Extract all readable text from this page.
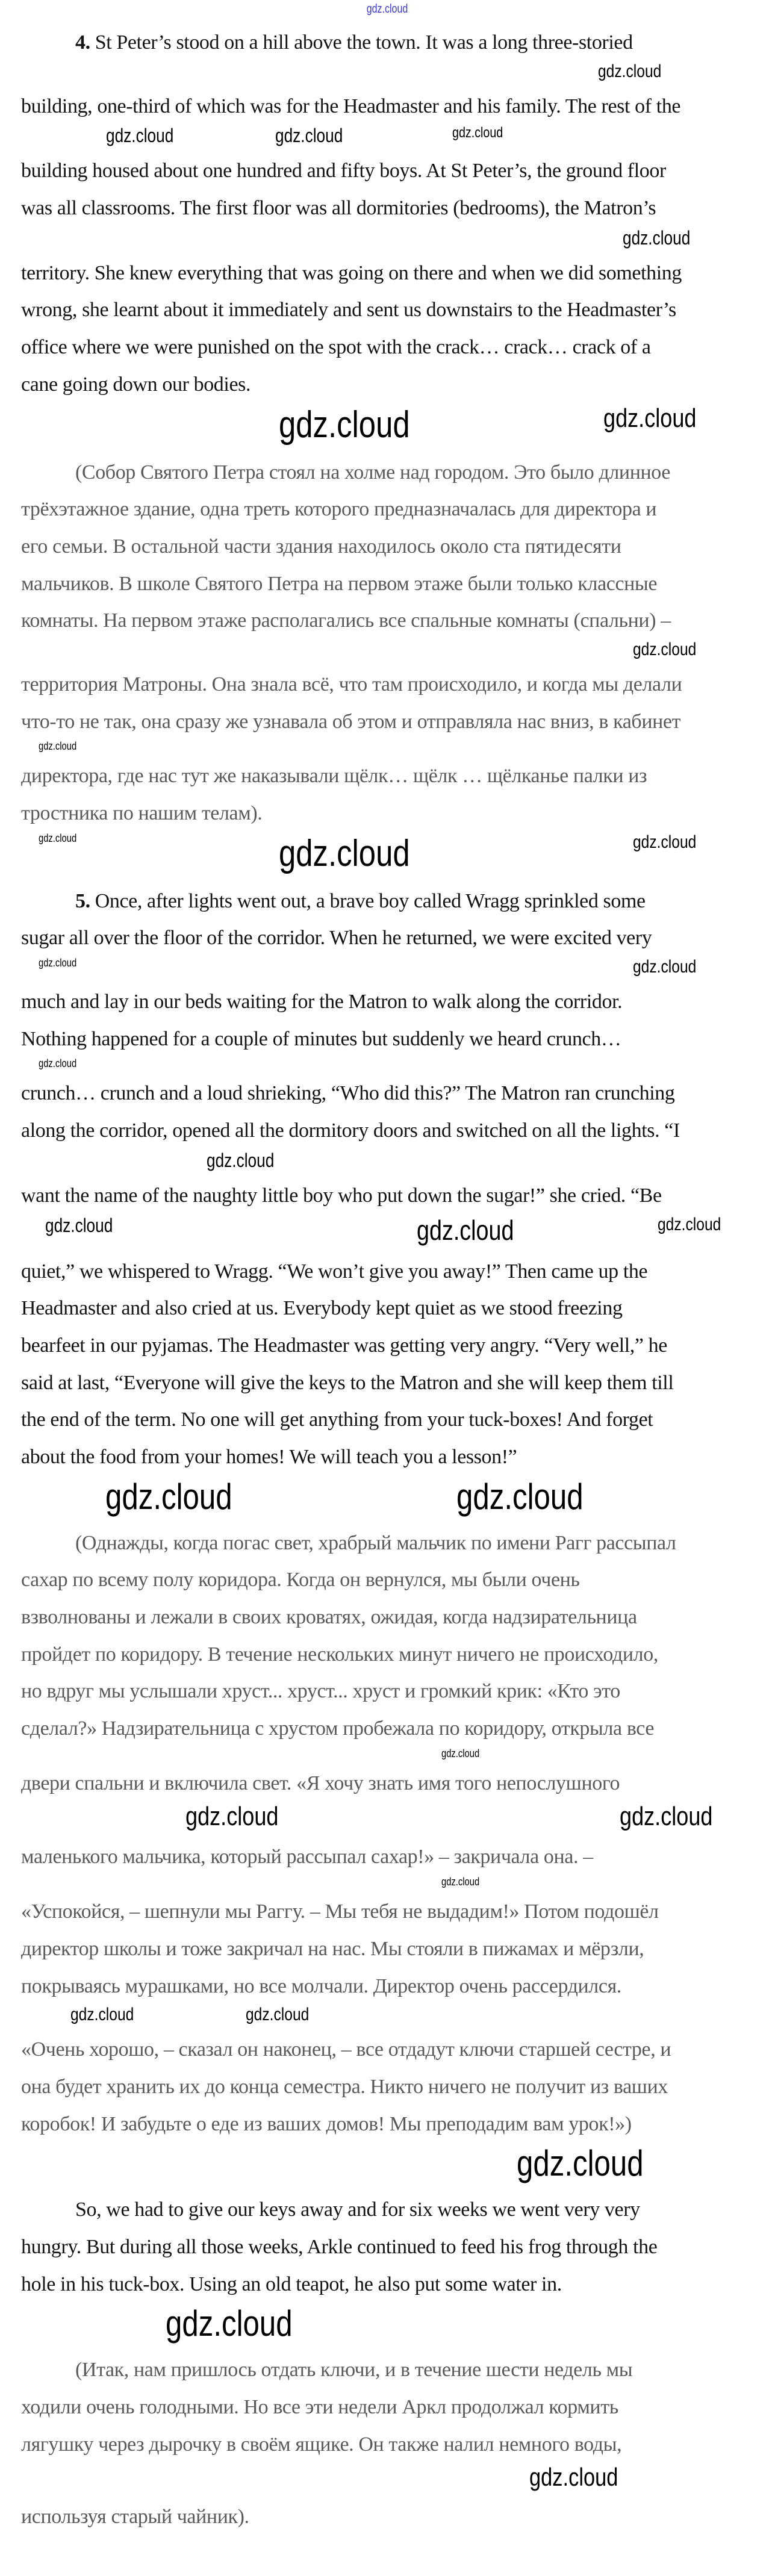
gdz.cloud
4. St Peter’s stood on a hill above the town. It was a long three-storied
gdz.cloud
building, one-third of which was for the Headmaster and his family. The rest of the
gdz.cloud	gdz.cloud	gdz.cloud
building housed about one hundred and fifty boys. At St Peter’s, the ground floor
was all classrooms. The first floor was all dormitories (bedrooms), the Matron’s
gdz.cloud
territory. She knew everything that was going on there and when we did something
wrong, she learnt about it immediately and sent us downstairs to the Headmaster’s
office where we were punished on the spot with the crack… crack… crack of a
cane going down our bodies.
gdz.cloud	gdz.cloud
(Собор Святого Петра стоял на холме над городом. Это было длинное
трёхэтажное здание, одна треть которого предназначалась для директора и
его семьи. В остальной части здания находилось около ста пятидесяти
мальчиков. В школе Святого Петра на первом этаже были только классные
комнаты. На первом этаже располагались все спальные комнаты (спальни) –
gdz.cloud
территория Матроны. Она знала всё, что там происходило, и когда мы делали
что-то не так, она сразу же узнавала об этом и отправляла нас вниз, в кабинет
gdz.cloud
директора, где нас тут же наказывали щёлк… щёлк … щёлканье палки из
тростника по нашим телам).
gdz.cloud
gdz.cloud
gdz.cloud
5. Once, after lights went out, a brave boy called Wragg sprinkled some
sugar all over the floor of the corridor. When he returned, we were excited very
gdz.cloud	gdz.cloud
much and lay in our beds waiting for the Matron to walk along the corridor.
Nothing happened for a couple of minutes but suddenly we heard crunch…
gdz.cloud
crunch… crunch and a loud shrieking, “Who did this?” The Matron ran crunching
along the corridor, opened all the dormitory doors and switched on all the lights. “I
gdz.cloud
want the name of the naughty little boy who put down the sugar!” she cried. “Be
gdz.cloud	gdz.cloud	gdz.cloud
quiet,” we whispered to Wragg. “We won’t give you away!” Then came up the
Headmaster and also cried at us. Everybody kept quiet as we stood freezing
bearfeet in our pyjamas. The Headmaster was getting very angry. “Very well,” he
said at last, “Everyone will give the keys to the Matron and she will keep them till
the end of the term. No one will get anything from your tuck-boxes! And forget
about the food from your homes! We will teach you a lesson!”
gdz.cloud	gdz.cloud
(Однажды, когда погас свет, храбрый мальчик по имени Рагг рассыпал
сахар по всему полу коридора. Когда он вернулся, мы были очень
взволнованы и лежали в своих кроватях, ожидая, когда надзирательница
пройдет по коридору. В течение нескольких минут ничего не происходило,
но вдруг мы услышали хруст... хруст... хруст и громкий крик: «Кто это
сделал?» Надзирательница с хрустом пробежала по коридору, открыла все
gdz.cloud
двери спальни и включила свет. «Я хочу знать имя того непослушного
gdz.cloud	gdz.cloud
маленького мальчика, который рассыпал сахар!» – закричала она. –
gdz.cloud
«Успокойся, – шепнули мы Раггу. – Мы тебя не выдадим!» Потом подошёл
директор школы и тоже закричал на нас. Мы стояли в пижамах и мёрзли,
покрываясь мурашками, но все молчали. Директор очень рассердился.
gdz.cloud	gdz.cloud
«Очень хорошо, – сказал он наконец, – все отдадут ключи старшей сестре, и
она будет хранить их до конца семестра. Никто ничего не получит из ваших
коробок! И забудьте о еде из ваших домов! Мы преподадим вам урок!»)
gdz.cloud
So, we had to give our keys away and for six weeks we went very very
hungry. But during all those weeks, Arkle continued to feed his frog through the
hole in his tuck-box. Using an old teapot, he also put some water in.
gdz.cloud
(Итак, нам пришлось отдать ключи, и в течение шести недель мы
ходили очень голодными. Но все эти недели Аркл продолжал кормить
лягушку через дырочку в своём ящике. Он также налил немного воды,
gdz.cloud
используя старый чайник).
